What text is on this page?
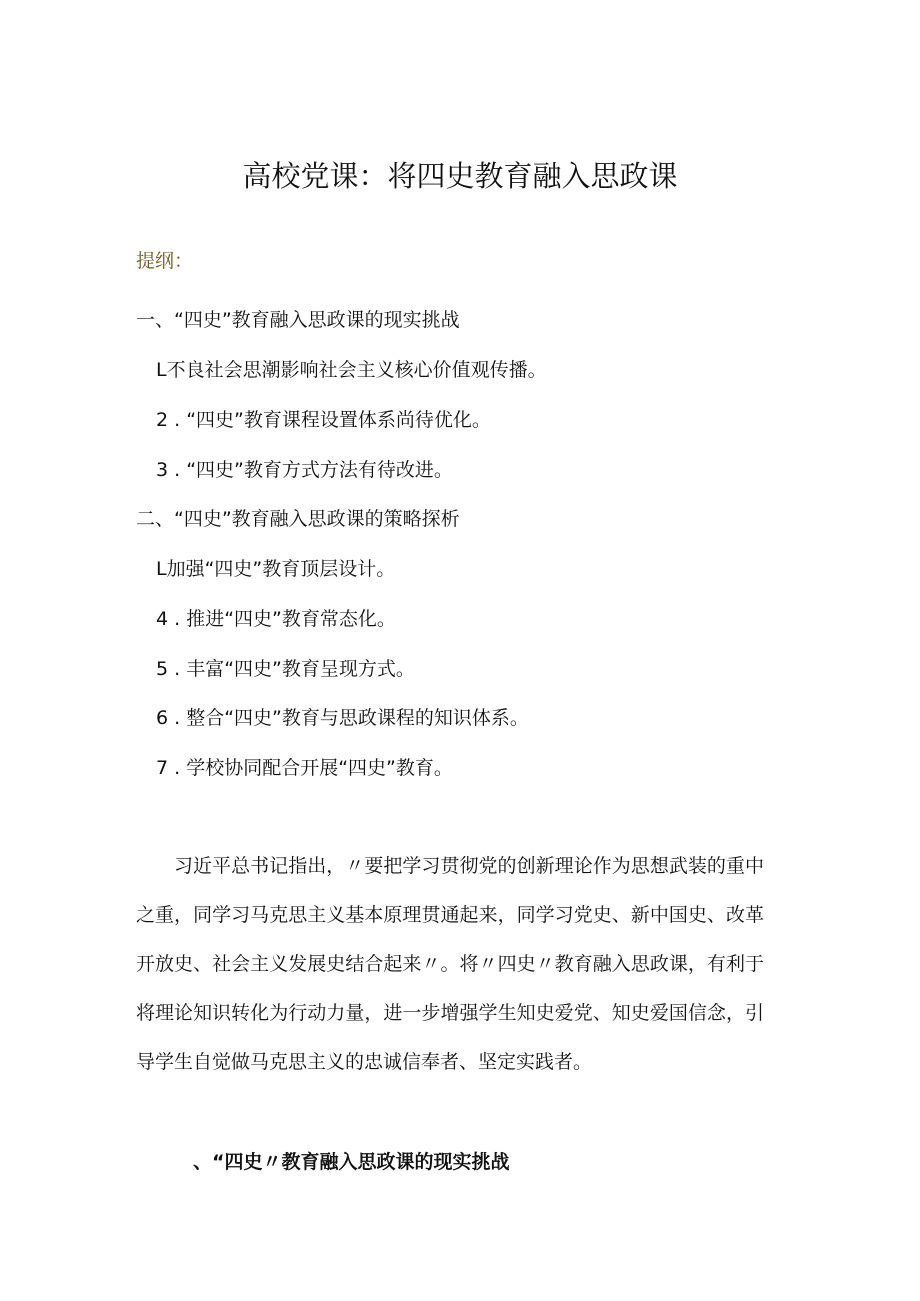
高校党课：将四史教育融入思政课

提纲：

一、“四史”教育融入思政课的现实挑战

L不良社会思潮影响社会主义核心价值观传播。

2 . “四史”教育课程设置体系尚待优化。

3 . “四史”教育方式方法有待改进。

二、“四史”教育融入思政课的策略探析

L加强“四史”教育顶层设计。

4 . 推进“四史”教育常态化。

5 . 丰富“四史”教育呈现方式。

6 . 整合“四史”教育与思政课程的知识体系。

7 . 学校协同配合开展“四史”教育。

习近平总书记指出，〃要把学习贯彻党的创新理论作为思想武装的重中之重，同学习马克思主义基本原理贯通起来，同学习党史、新中国史、改革开放史、社会主义发展史结合起来〃。将〃四史〃教育融入思政课，有利于将理论知识转化为行动力量，进一步增强学生知史爱党、知史爱国信念，引导学生自觉做马克思主义的忠诚信奉者、坚定实践者。

、“四史〃教育融入思政课的现实挑战
